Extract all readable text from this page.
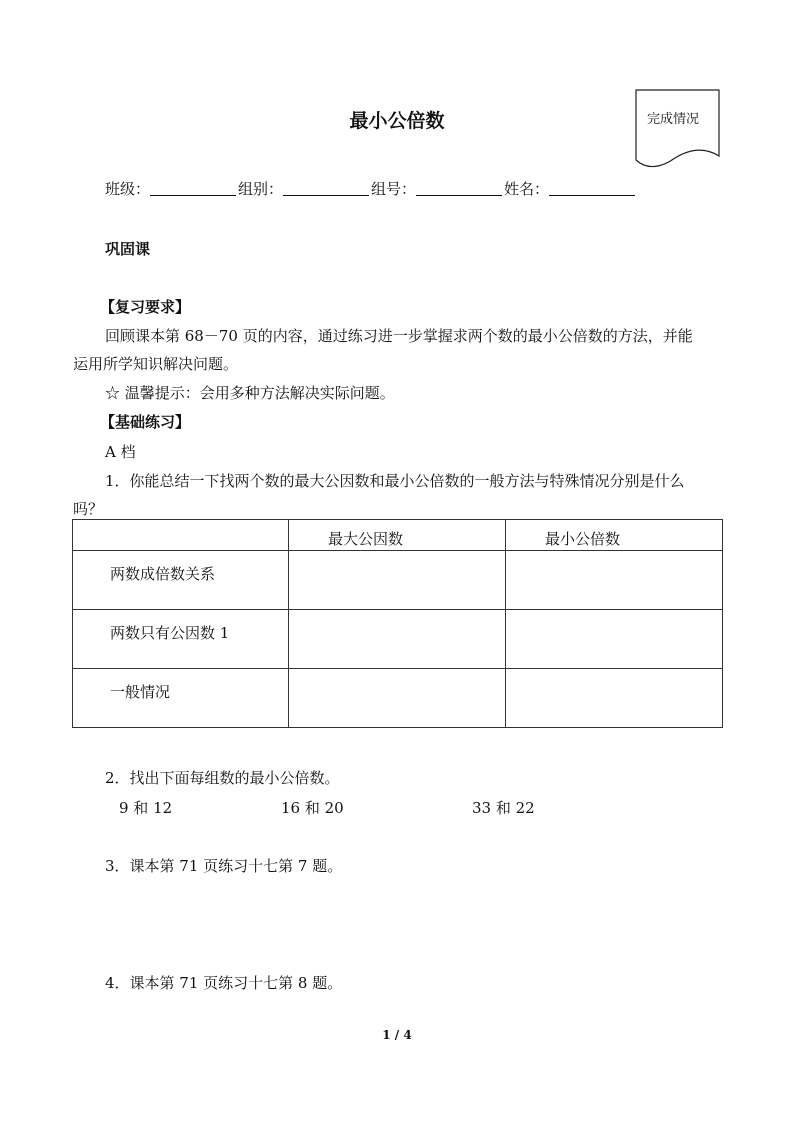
最小公倍数	完成情况
班级：	组别：	组号：	姓名：
巩固课
【复习要求】
回顾课本第 68－70 页的内容，通过练习进一步掌握求两个数的最小公倍数的方法，并能
运用所学知识解决问题。
☆ 温馨提示：会用多种方法解决实际问题。
【基础练习】
A 档
1．你能总结一下找两个数的最大公因数和最小公倍数的一般方法与特殊情况分别是什么
吗？

	最大公因数	最小公倍数

两数成倍数关系		

两数只有公因数 1		

一般情况		

2．找出下面每组数的最小公倍数。
9 和 12	16 和 20	33 和 22
3．课本第 71 页练习十七第 7 题。
4．课本第 71 页练习十七第 8 题。
1 / 4
